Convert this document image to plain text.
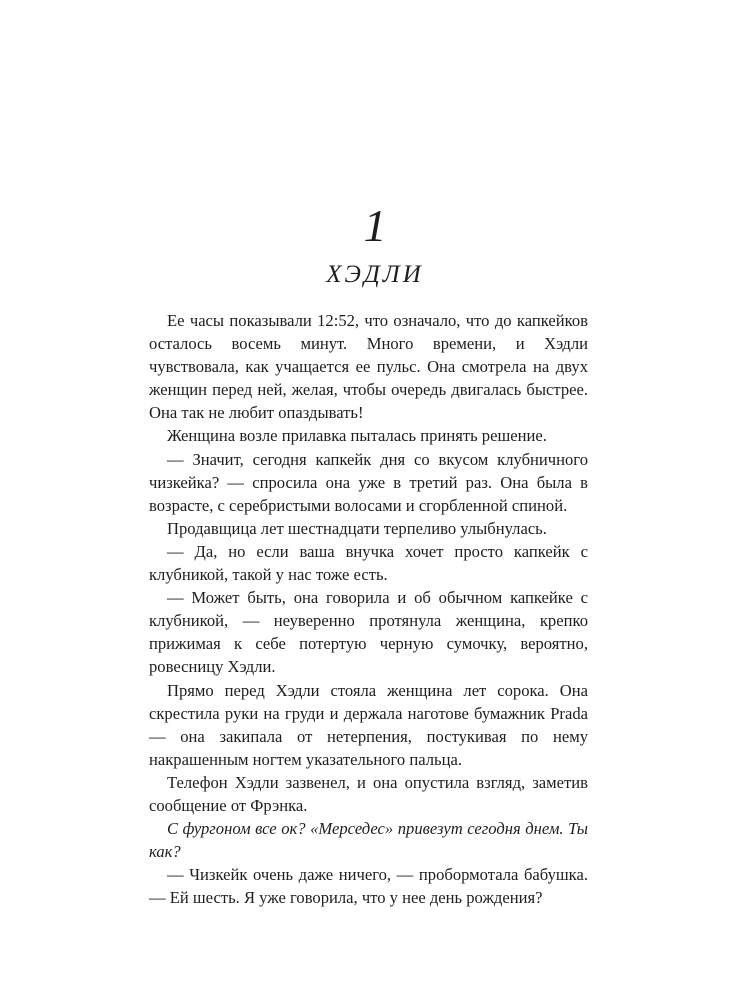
1
ХЭДЛИ

Ее часы показывали 12:52, что означало, что до капкейков осталось восемь минут. Много времени, и Хэдли чувствовала, как учащается ее пульс. Она смотрела на двух женщин перед ней, желая, чтобы очередь двигалась быстрее. Она так не любит опаздывать!

Женщина возле прилавка пыталась принять решение.

— Значит, сегодня капкейк дня со вкусом клубничного чизкейка? — спросила она уже в третий раз. Она была в возрасте, с серебристыми волосами и сгорбленной спиной.

Продавщица лет шестнадцати терпеливо улыбнулась.

— Да, но если ваша внучка хочет просто капкейк с клубникой, такой у нас тоже есть.

— Может быть, она говорила и об обычном капкейке с клубникой, — неуверенно протянула женщина, крепко прижимая к себе потертую черную сумочку, вероятно, ровесницу Хэдли.

Прямо перед Хэдли стояла женщина лет сорока. Она скрестила руки на груди и держала наготове бумажник Prada — она закипала от нетерпения, постукивая по нему накрашенным ногтем указательного пальца.

Телефон Хэдли зазвенел, и она опустила взгляд, заметив сообщение от Фрэнка.

С фургоном все ок? «Мерседес» привезут сегодня днем. Ты как?

— Чизкейк очень даже ничего, — пробормотала бабушка. — Ей шесть. Я уже говорила, что у нее день рождения?
